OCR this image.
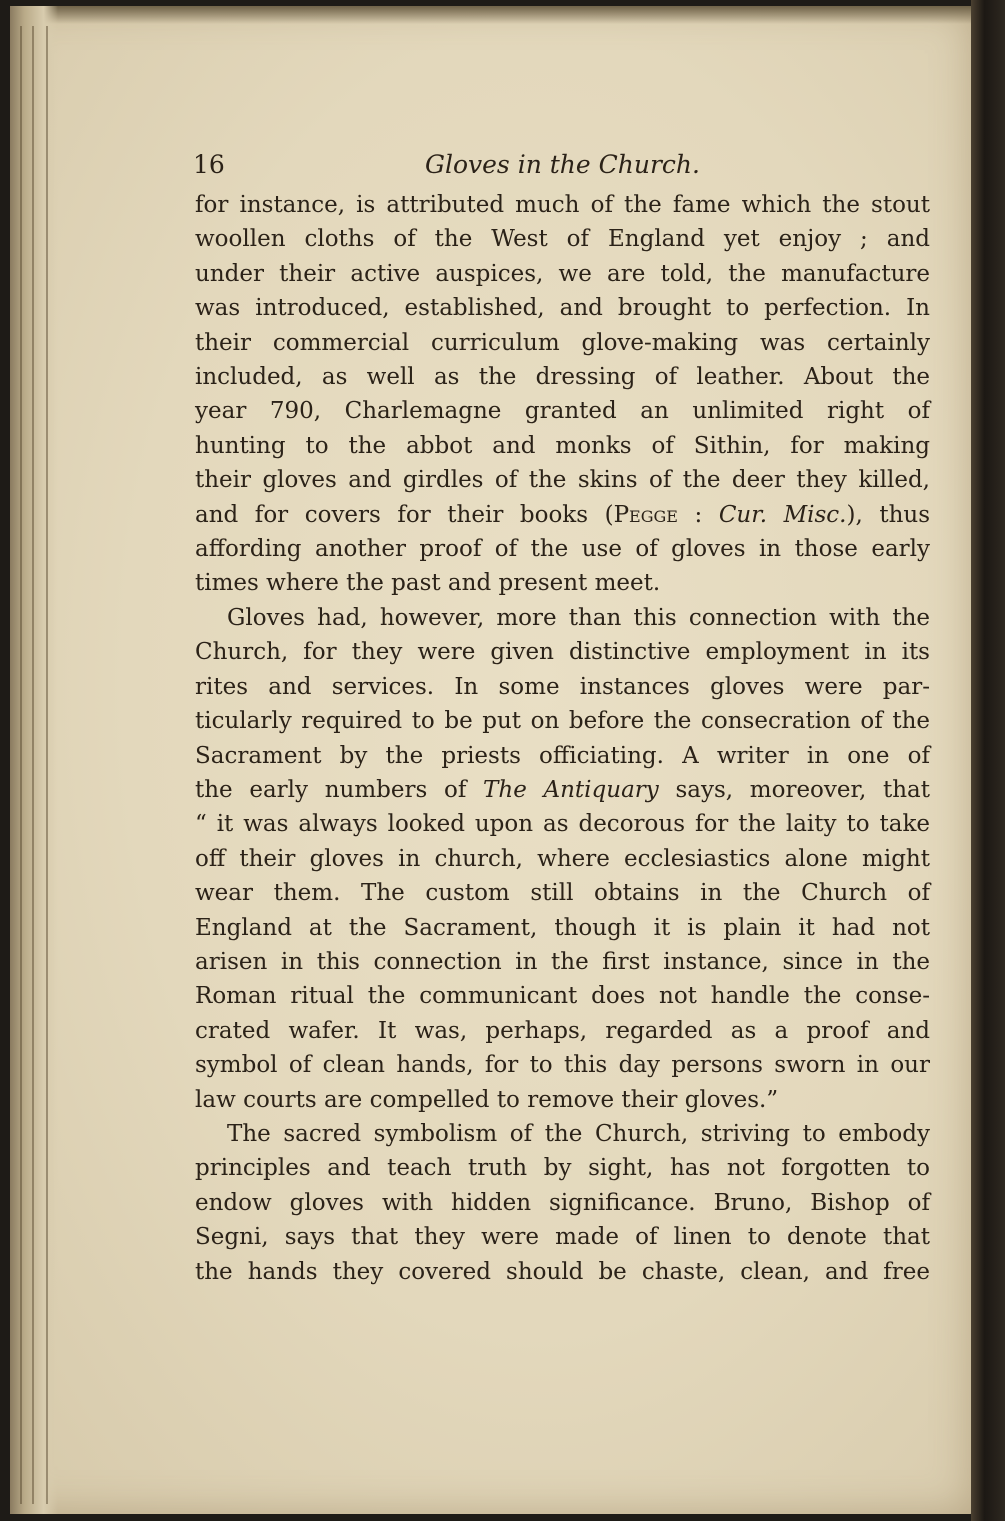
16	Gloves in the Church.

for instance, is attributed much of the fame which the stout
woollen cloths of the West of England yet enjoy ; and
under their active auspices, we are told, the manufacture
was introduced, established, and brought to perfection. In
their commercial curriculum glove-making was certainly
included, as well as the dressing of leather. About the
year 790, Charlemagne granted an unlimited right of
hunting to the abbot and monks of Sithin, for making
their gloves and girdles of the skins of the deer they killed,
and for covers for their books (Pegge : Cur. Misc.), thus
affording another proof of the use of gloves in those early
times where the past and present meet.

Gloves had, however, more than this connection with the
Church, for they were given distinctive employment in its
rites and services. In some instances gloves were par-
ticularly required to be put on before the consecration of the
Sacrament by the priests officiating. A writer in one of
the early numbers of The Antiquary says, moreover, that
“ it was always looked upon as decorous for the laity to take
off their gloves in church, where ecclesiastics alone might
wear them. The custom still obtains in the Church of
England at the Sacrament, though it is plain it had not
arisen in this connection in the first instance, since in the
Roman ritual the communicant does not handle the conse-
crated wafer. It was, perhaps, regarded as a proof and
symbol of clean hands, for to this day persons sworn in our
law courts are compelled to remove their gloves.”

The sacred symbolism of the Church, striving to embody
principles and teach truth by sight, has not forgotten to
endow gloves with hidden significance. Bruno, Bishop of
Segni, says that they were made of linen to denote that
the hands they covered should be chaste, clean, and free
